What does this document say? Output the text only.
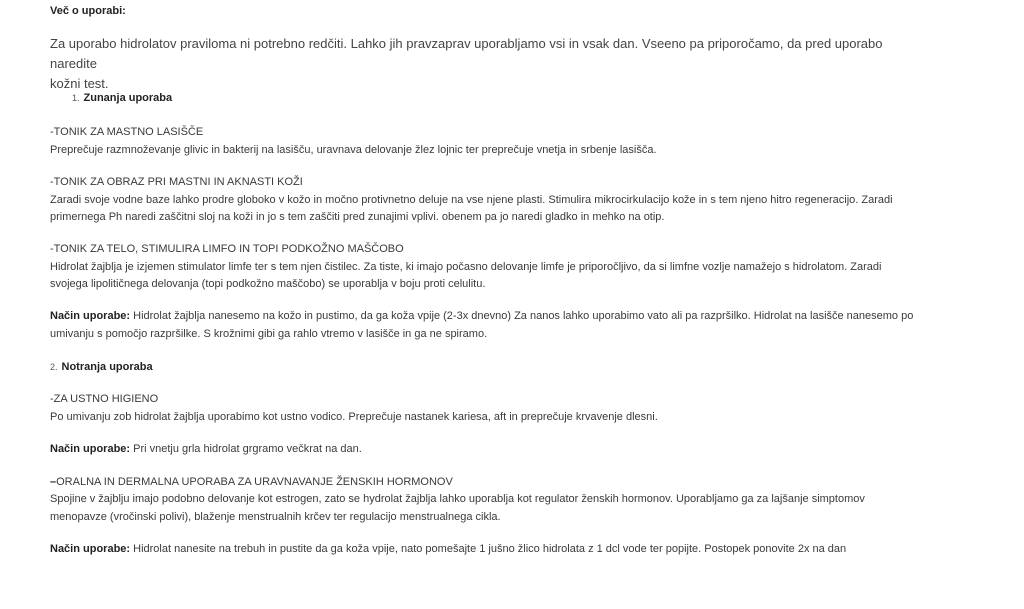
Več o uporabi:
Za uporabo hidrolatov praviloma ni potrebno redčiti. Lahko jih pravzaprav uporabljamo vsi in vsak dan. Vseeno pa priporočamo, da pred uporabo naredite
kožni test.
1. Zunanja uporaba
-TONIK ZA MASTNO LASIŠČE
Preprečuje razmnoževanje glivic in bakterij na lasišču, uravnava delovanje žlez lojnic ter preprečuje vnetja in srbenje lasišča.
-TONIK ZA OBRAZ PRI MASTNI IN AKNASTI KOŽI
Zaradi svoje vodne baze lahko prodre globoko v kožo in močno protivnetno deluje na vse njene plasti. Stimulira mikrocirkulacijo kože in s tem njeno hitro regeneracijo. Zaradi
primernega Ph naredi zaščitni sloj na koži in jo s tem zaščiti pred zunajimi vplivi. obenem pa jo naredi gladko in mehko na otip.
-TONIK ZA TELO, STIMULIRA LIMFO IN TOPI PODKOŽNO MAŠČOBO
Hidrolat žajblja je izjemen stimulator limfe ter s tem njen čistilec. Za tiste, ki imajo počasno delovanje limfe je priporočljivo, da si limfne vozlje namažejo s hidrolatom. Zaradi
svojega lipolitičnega delovanja (topi podkožno maščobo) se uporablja v boju proti celulitu.
Način uporabe: Hidrolat žajblja nanesemo na kožo in pustimo, da ga koža vpije (2-3x dnevno) Za nanos lahko uporabimo vato ali pa razpršilko. Hidrolat na lasišče nanesemo po
umivanju s pomočjo razpršilke. S krožnimi gibi ga rahlo vtremo v lasišče in ga ne spiramo.
2. Notranja uporaba
-ZA USTNO HIGIENO
Po umivanju zob hidrolat žajblja uporabimo kot ustno vodico. Preprečuje nastanek kariesa, aft in preprečuje krvavenje dlesni.
Način uporabe: Pri vnetju grla hidrolat grgramo večkrat na dan.
–ORALNA IN DERMALNA UPORABA ZA URAVNAVANJE ŽENSKIH HORMONOV
Spojine v žajblju imajo podobno delovanje kot estrogen, zato se hydrolat žajblja lahko uporablja kot regulator ženskih hormonov. Uporabljamo ga za lajšanje simptomov
menopavze (vročinski polivi), blaženje menstrualnih krčev ter regulacijo menstrualnega cikla.
Način uporabe: Hidrolat nanesite na trebuh in pustite da ga koža vpije, nato pomešajte 1 jušno žlico hidrolata z 1 dcl vode ter popijte. Postopek ponovite 2x na dan
